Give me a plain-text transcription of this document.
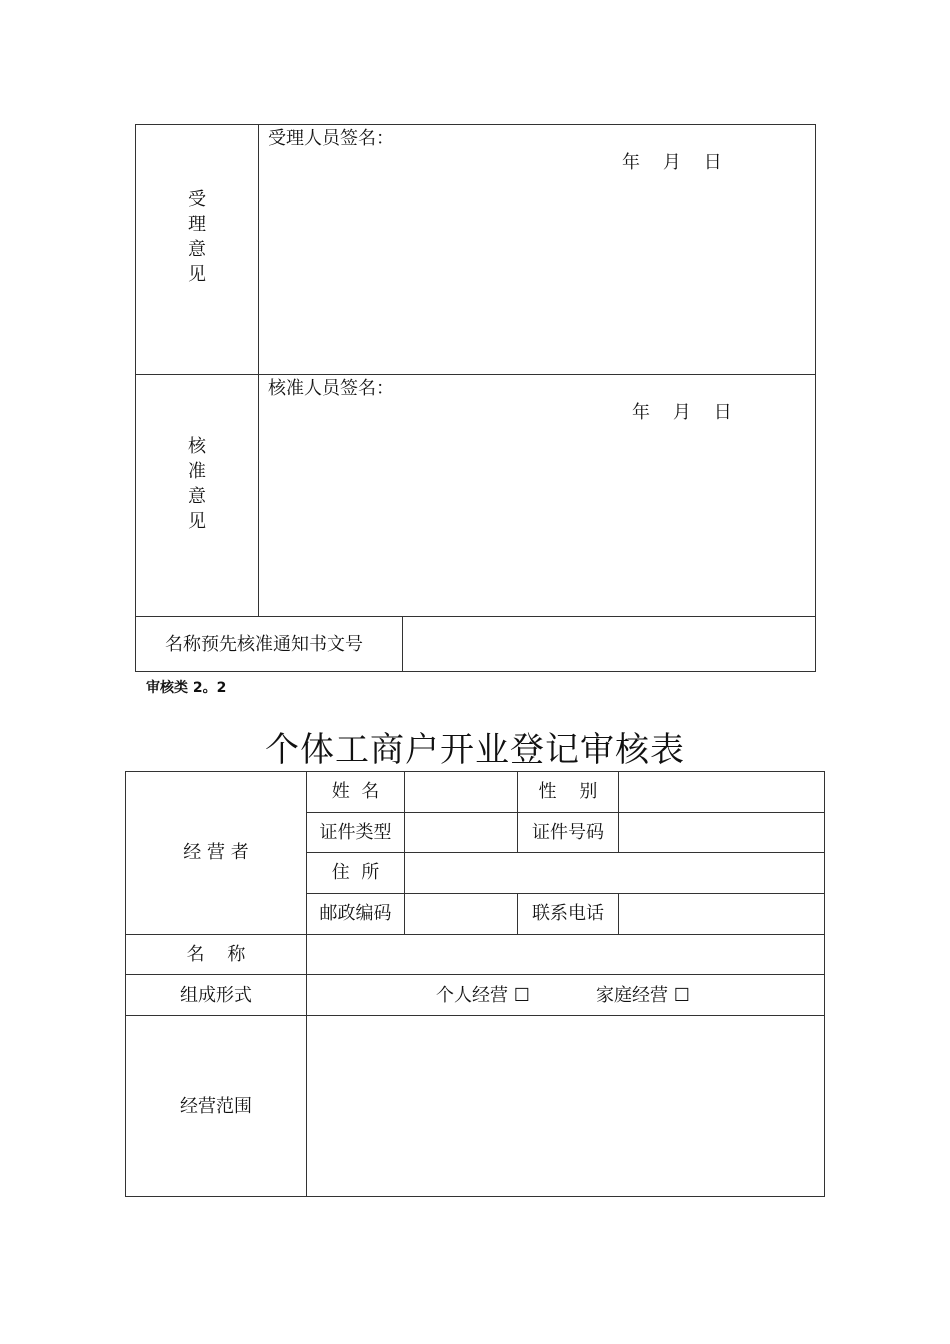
受
理
意
见
受理人员签名：
年    月    日
核
准
意
见
核准人员签名：
年    月    日
名称预先核准通知书文号
审核类 2。2
个体工商户开业登记审核表
经 营 者
姓  名	性    别
证件类型	证件号码
住  所
邮政编码	联系电话
名    称
组成形式	个人经营 ☐	家庭经营 ☐
经营范围
